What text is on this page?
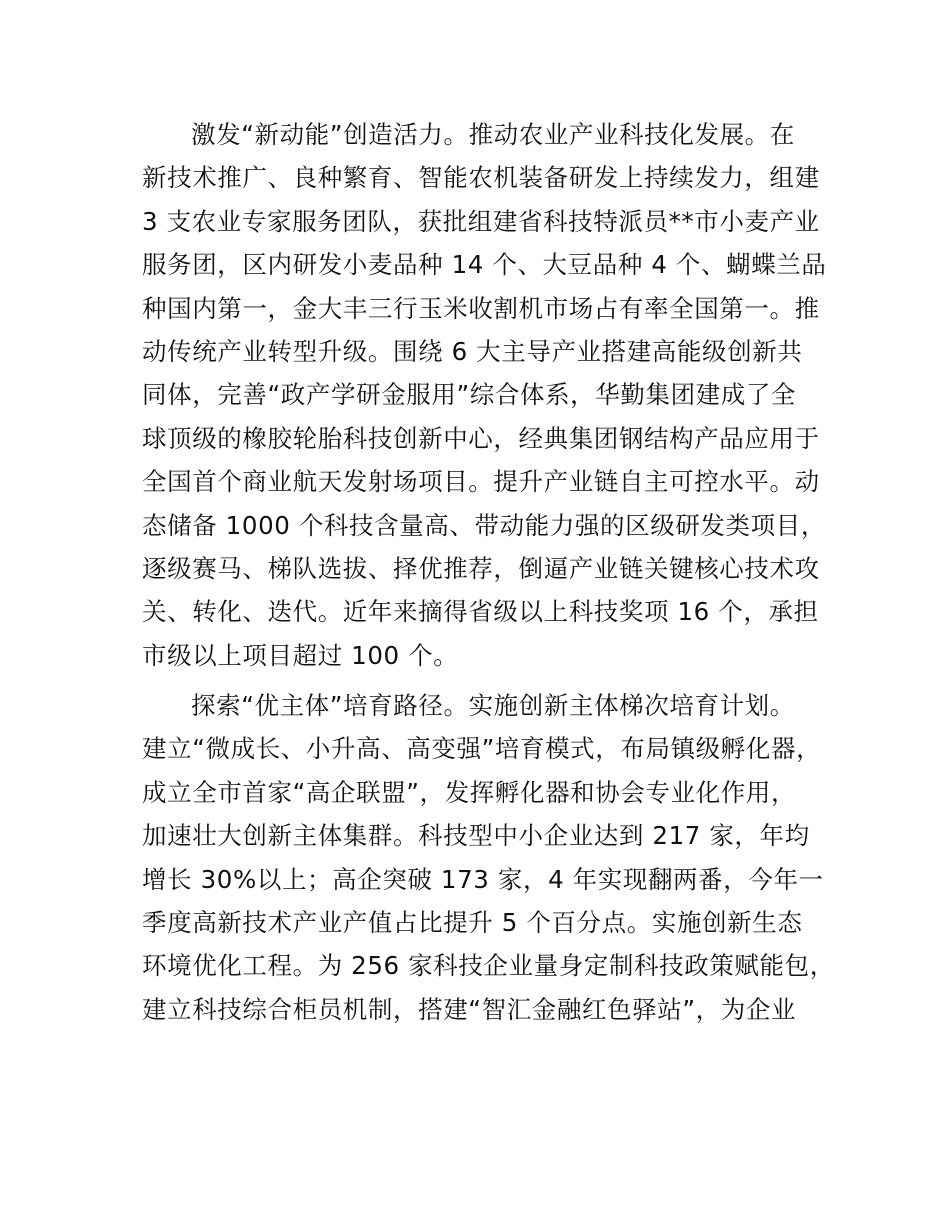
激发“新动能”创造活力。推动农业产业科技化发展。在
新技术推广、良种繁育、智能农机装备研发上持续发力，组建
3 支农业专家服务团队，获批组建省科技特派员**市小麦产业
服务团，区内研发小麦品种 14 个、大豆品种 4 个、蝴蝶兰品
种国内第一，金大丰三行玉米收割机市场占有率全国第一。推
动传统产业转型升级。围绕 6 大主导产业搭建高能级创新共
同体，完善“政产学研金服用”综合体系，华勤集团建成了全
球顶级的橡胶轮胎科技创新中心，经典集团钢结构产品应用于
全国首个商业航天发射场项目。提升产业链自主可控水平。动
态储备 1000 个科技含量高、带动能力强的区级研发类项目，
逐级赛马、梯队选拔、择优推荐，倒逼产业链关键核心技术攻
关、转化、迭代。近年来摘得省级以上科技奖项 16 个，承担
市级以上项目超过 100 个。
探索“优主体”培育路径。实施创新主体梯次培育计划。
建立“微成长、小升高、高变强”培育模式，布局镇级孵化器，
成立全市首家“高企联盟”，发挥孵化器和协会专业化作用，
加速壮大创新主体集群。科技型中小企业达到 217 家，年均
增长 30%以上；高企突破 173 家，4 年实现翻两番，今年一
季度高新技术产业产值占比提升 5 个百分点。实施创新生态
环境优化工程。为 256 家科技企业量身定制科技政策赋能包，
建立科技综合柜员机制，搭建“智汇金融红色驿站”，为企业
